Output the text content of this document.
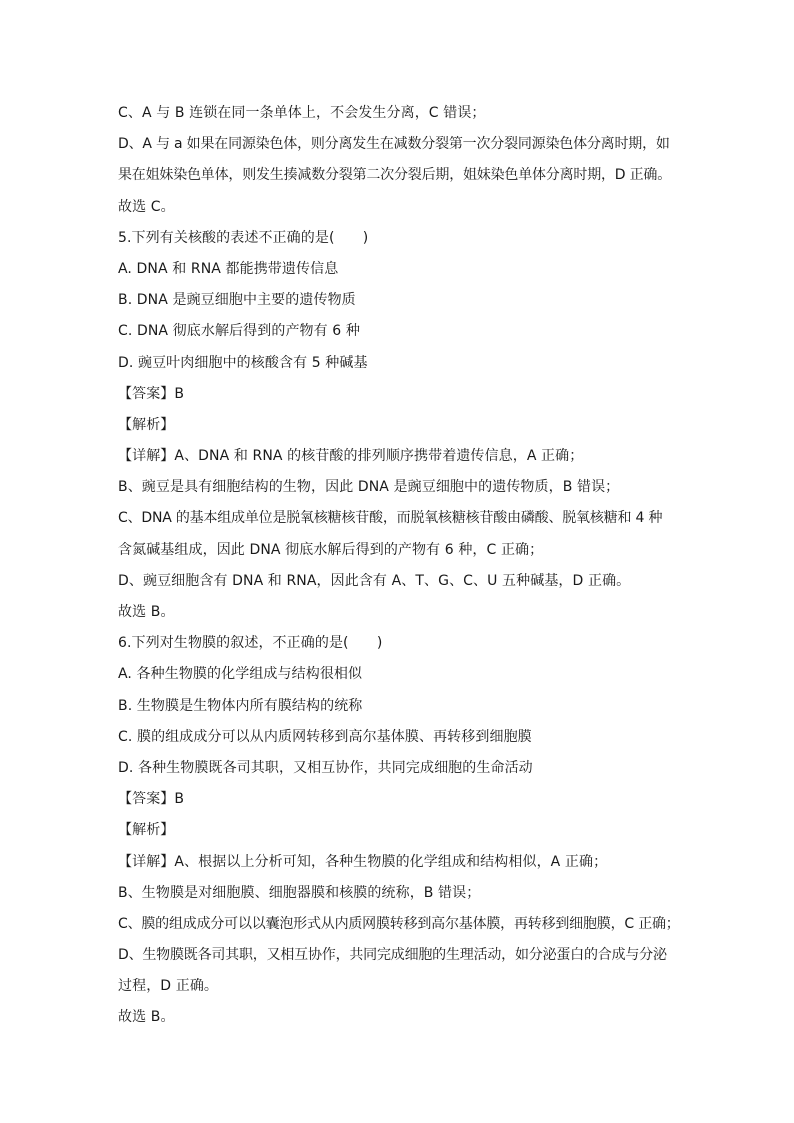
C、A 与 B 连锁在同一条单体上，不会发生分离，C 错误；
D、A 与 a 如果在同源染色体，则分离发生在减数分裂第一次分裂同源染色体分离时期，如
果在姐妹染色单体，则发生揍减数分裂第二次分裂后期，姐妹染色单体分离时期，D 正确。
故选 C。
5.下列有关核酸的表述不正确的是(　　)
A. DNA 和 RNA 都能携带遗传信息
B. DNA 是豌豆细胞中主要的遗传物质
C. DNA 彻底水解后得到的产物有 6 种
D. 豌豆叶肉细胞中的核酸含有 5 种碱基
【答案】B
【解析】
【详解】A、DNA 和 RNA 的核苷酸的排列顺序携带着遗传信息，A 正确；
B、豌豆是具有细胞结构的生物，因此 DNA 是豌豆细胞中的遗传物质，B 错误；
C、DNA 的基本组成单位是脱氧核糖核苷酸，而脱氧核糖核苷酸由磷酸、脱氧核糖和 4 种
含氮碱基组成，因此 DNA 彻底水解后得到的产物有 6 种，C 正确；
D、豌豆细胞含有 DNA 和 RNA，因此含有 A、T、G、C、U 五种碱基，D 正确。
故选 B。
6.下列对生物膜的叙述，不正确的是(　　)
A. 各种生物膜的化学组成与结构很相似
B. 生物膜是生物体内所有膜结构的统称
C. 膜的组成成分可以从内质网转移到高尔基体膜、再转移到细胞膜
D. 各种生物膜既各司其职，又相互协作，共同完成细胞的生命活动
【答案】B
【解析】
【详解】A、根据以上分析可知，各种生物膜的化学组成和结构相似，A 正确；
B、生物膜是对细胞膜、细胞器膜和核膜的统称，B 错误；
C、膜的组成成分可以以囊泡形式从内质网膜转移到高尔基体膜，再转移到细胞膜，C 正确；
D、生物膜既各司其职，又相互协作，共同完成细胞的生理活动，如分泌蛋白的合成与分泌
过程，D 正确。
故选 B。
